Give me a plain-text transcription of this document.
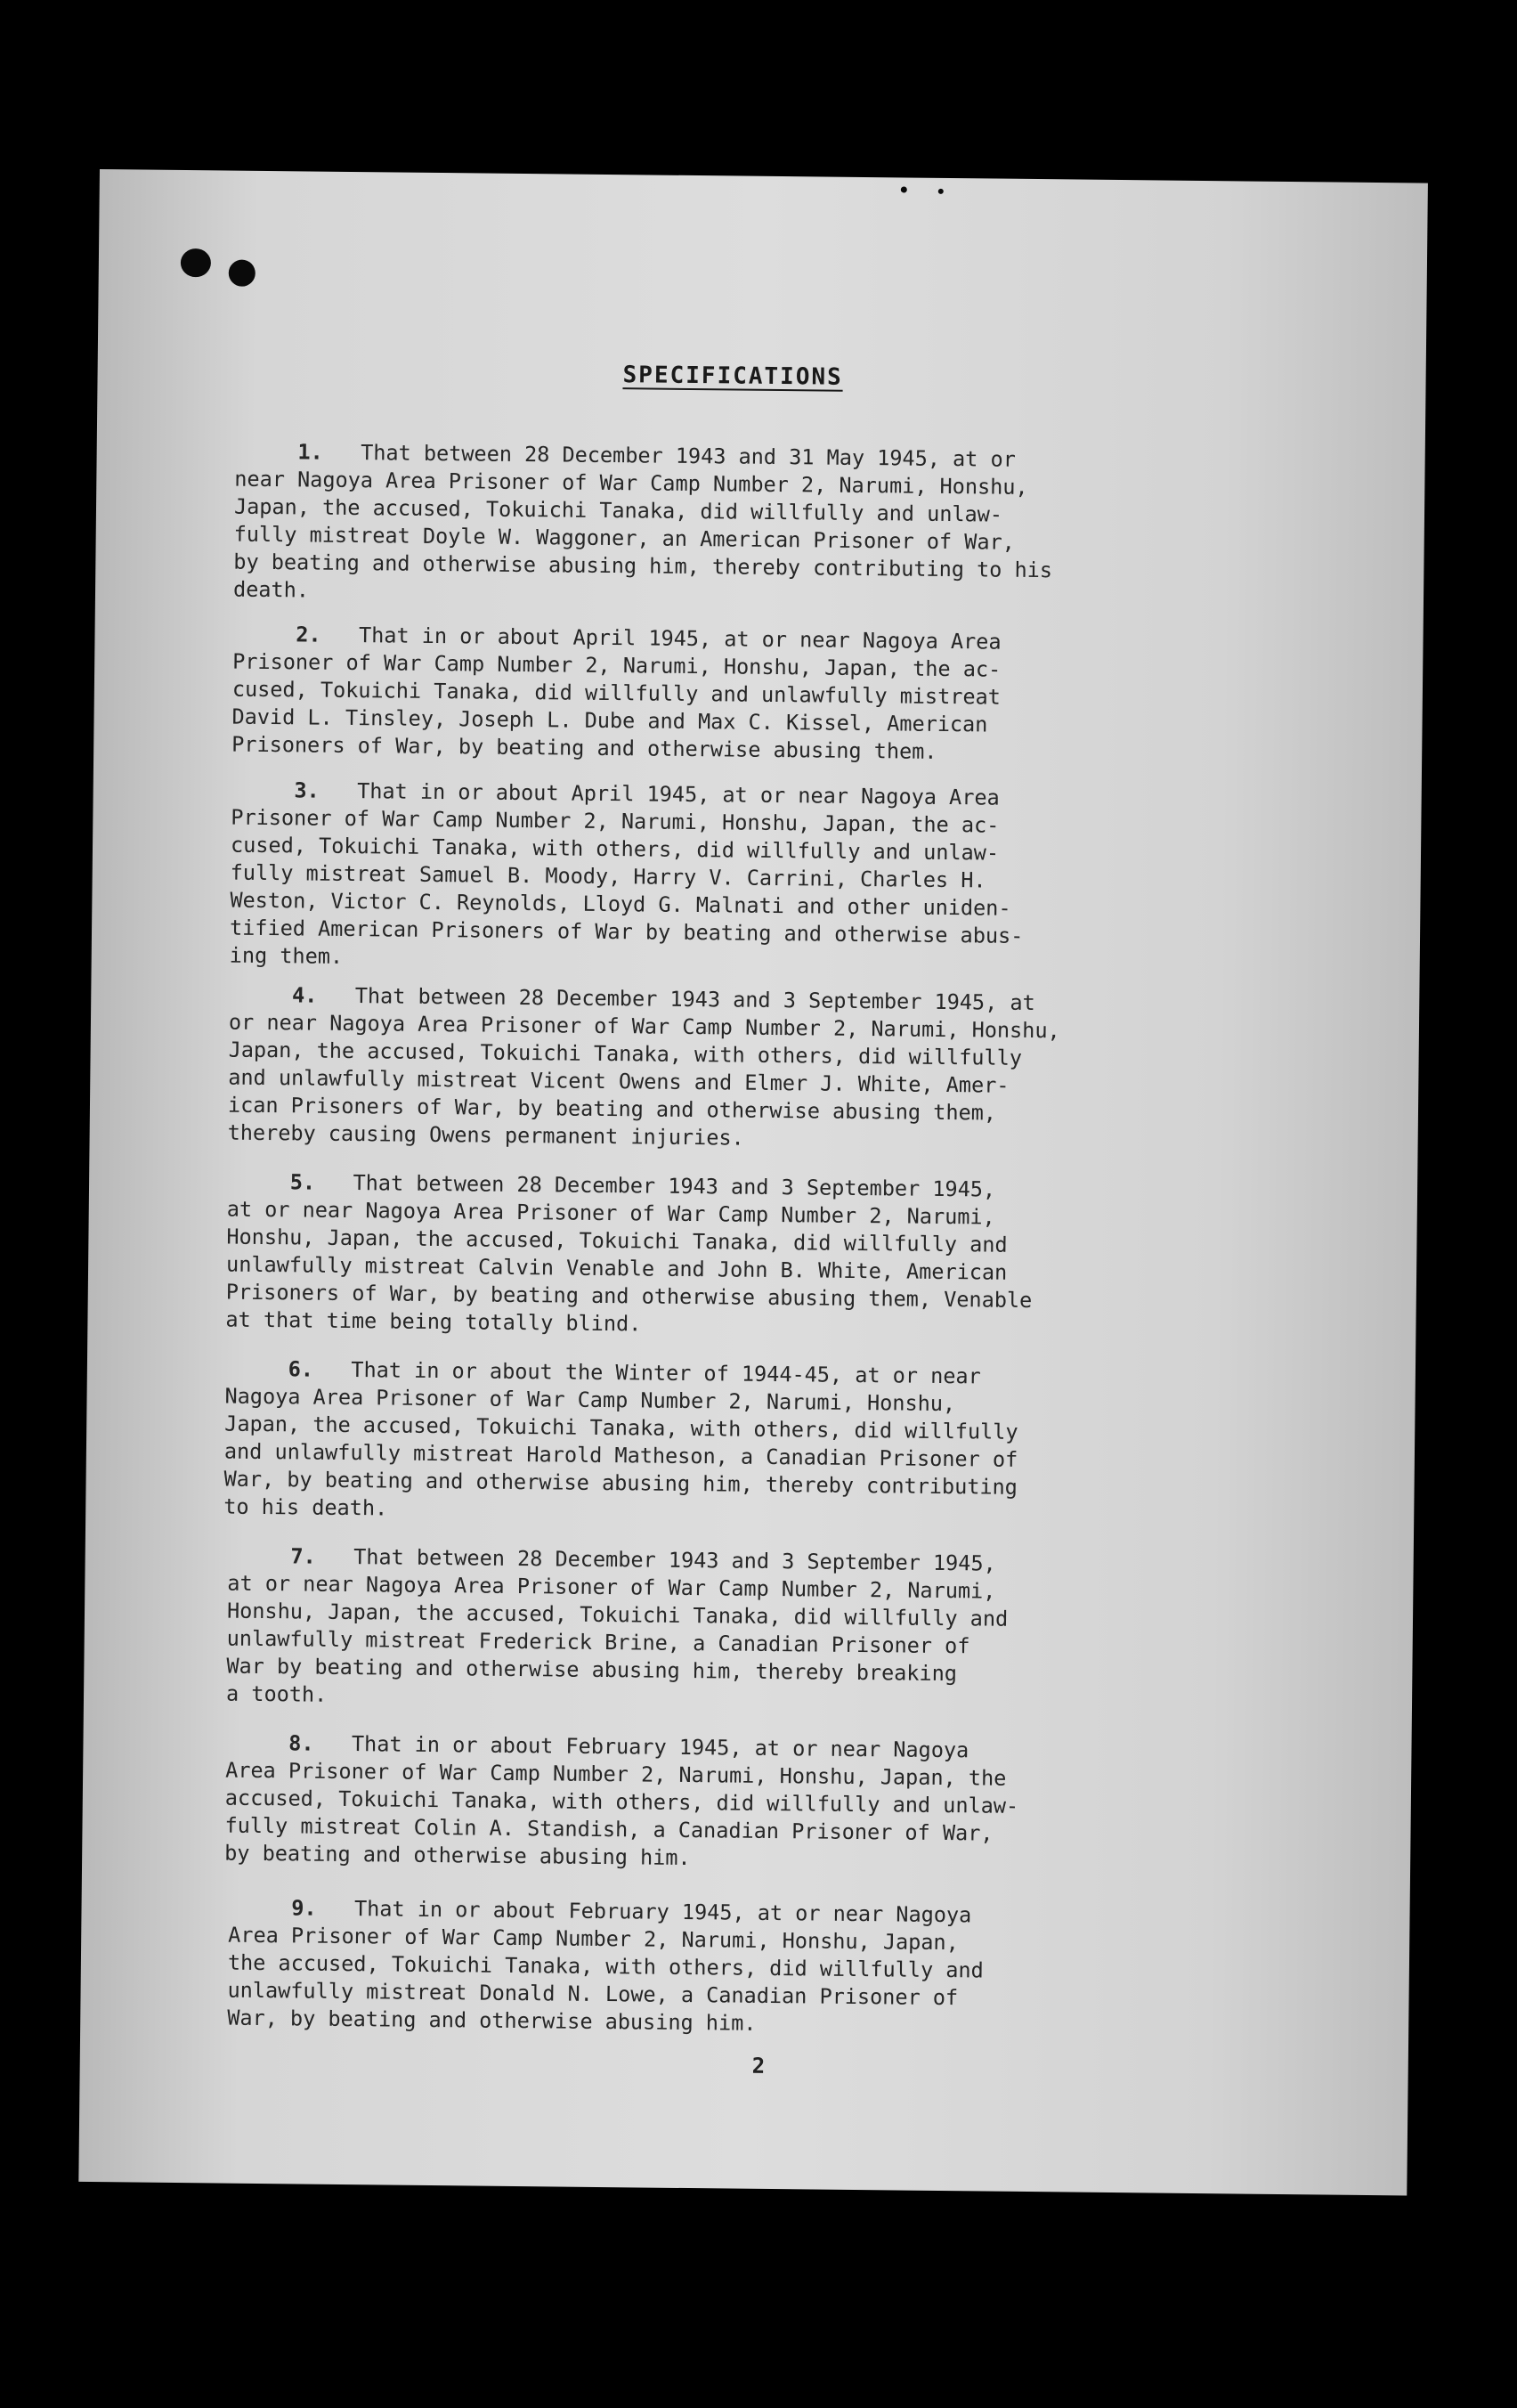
SPECIFICATIONS
1.   That between 28 December 1943 and 31 May 1945, at or
near Nagoya Area Prisoner of War Camp Number 2, Narumi, Honshu,
Japan, the accused, Tokuichi Tanaka, did willfully and unlaw-
fully mistreat Doyle W. Waggoner, an American Prisoner of War,
by beating and otherwise abusing him, thereby contributing to his
death.
2.   That in or about April 1945, at or near Nagoya Area
Prisoner of War Camp Number 2, Narumi, Honshu, Japan, the ac-
cused, Tokuichi Tanaka, did willfully and unlawfully mistreat
David L. Tinsley, Joseph L. Dube and Max C. Kissel, American
Prisoners of War, by beating and otherwise abusing them.
3.   That in or about April 1945, at or near Nagoya Area
Prisoner of War Camp Number 2, Narumi, Honshu, Japan, the ac-
cused, Tokuichi Tanaka, with others, did willfully and unlaw-
fully mistreat Samuel B. Moody, Harry V. Carrini, Charles H.
Weston, Victor C. Reynolds, Lloyd G. Malnati and other uniden-
tified American Prisoners of War by beating and otherwise abus-
ing them.
4.   That between 28 December 1943 and 3 September 1945, at
or near Nagoya Area Prisoner of War Camp Number 2, Narumi, Honshu,
Japan, the accused, Tokuichi Tanaka, with others, did willfully
and unlawfully mistreat Vicent Owens and Elmer J. White, Amer-
ican Prisoners of War, by beating and otherwise abusing them,
thereby causing Owens permanent injuries.
5.   That between 28 December 1943 and 3 September 1945,
at or near Nagoya Area Prisoner of War Camp Number 2, Narumi,
Honshu, Japan, the accused, Tokuichi Tanaka, did willfully and
unlawfully mistreat Calvin Venable and John B. White, American
Prisoners of War, by beating and otherwise abusing them, Venable
at that time being totally blind.
6.   That in or about the Winter of 1944-45, at or near
Nagoya Area Prisoner of War Camp Number 2, Narumi, Honshu,
Japan, the accused, Tokuichi Tanaka, with others, did willfully
and unlawfully mistreat Harold Matheson, a Canadian Prisoner of
War, by beating and otherwise abusing him, thereby contributing
to his death.
7.   That between 28 December 1943 and 3 September 1945,
at or near Nagoya Area Prisoner of War Camp Number 2, Narumi,
Honshu, Japan, the accused, Tokuichi Tanaka, did willfully and
unlawfully mistreat Frederick Brine, a Canadian Prisoner of
War by beating and otherwise abusing him, thereby breaking
a tooth.
8.   That in or about February 1945, at or near Nagoya
Area Prisoner of War Camp Number 2, Narumi, Honshu, Japan, the
accused, Tokuichi Tanaka, with others, did willfully and unlaw-
fully mistreat Colin A. Standish, a Canadian Prisoner of War,
by beating and otherwise abusing him.
9.   That in or about February 1945, at or near Nagoya
Area Prisoner of War Camp Number 2, Narumi, Honshu, Japan,
the accused, Tokuichi Tanaka, with others, did willfully and
unlawfully mistreat Donald N. Lowe, a Canadian Prisoner of
War, by beating and otherwise abusing him.
2
